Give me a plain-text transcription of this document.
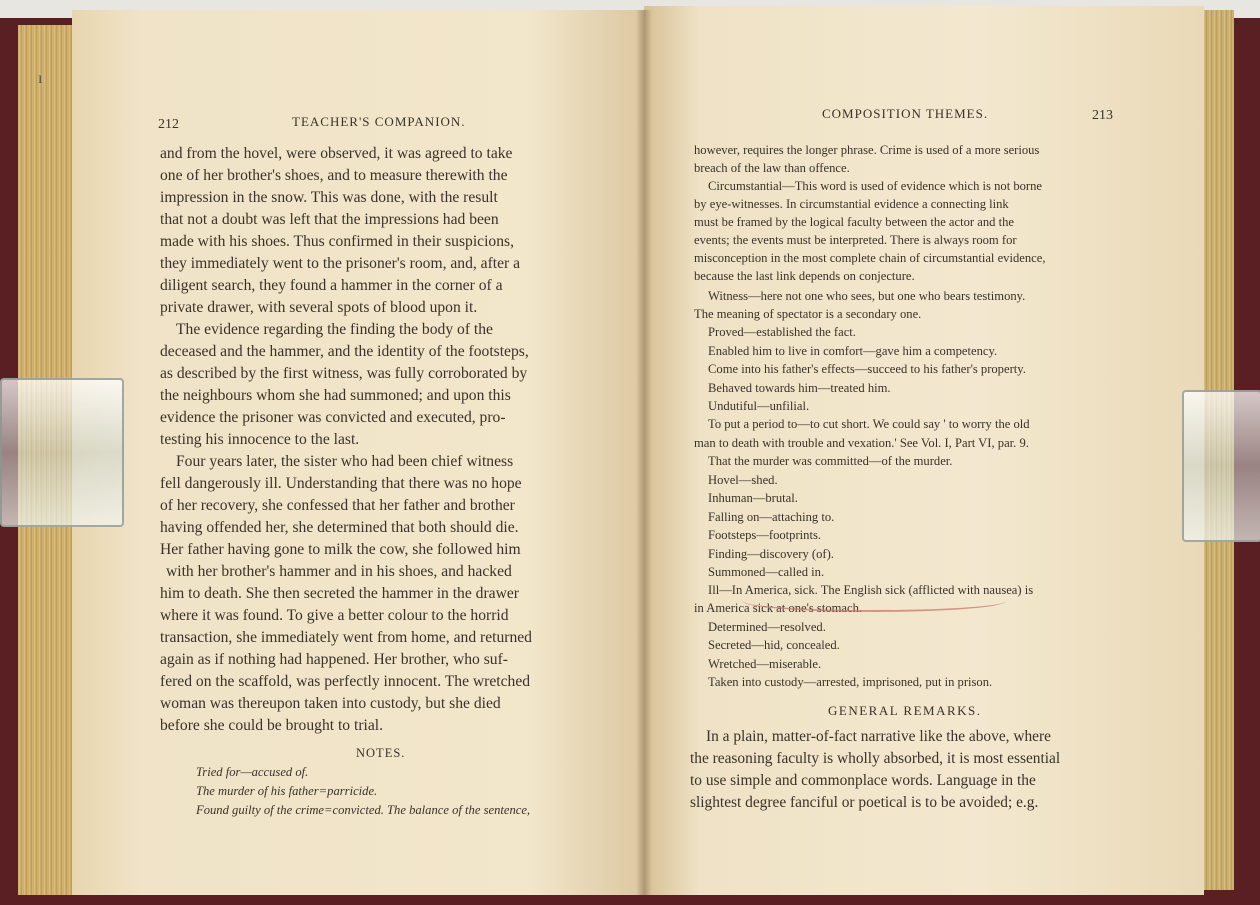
212	TEACHER'S COMPANION.
and from the hovel, were observed, it was agreed to take
one of her brother's shoes, and to measure therewith the
impression in the snow. This was done, with the result
that not a doubt was left that the impressions had been
made with his shoes. Thus confirmed in their suspicions,
they immediately went to the prisoner's room, and, after a
diligent search, they found a hammer in the corner of a
private drawer, with several spots of blood upon it.
The evidence regarding the finding the body of the
deceased and the hammer, and the identity of the footsteps,
as described by the first witness, was fully corroborated by
the neighbours whom she had summoned; and upon this
evidence the prisoner was convicted and executed, pro-
testing his innocence to the last.
Four years later, the sister who had been chief witness
fell dangerously ill. Understanding that there was no hope
of her recovery, she confessed that her father and brother
having offended her, she determined that both should die.
Her father having gone to milk the cow, she followed him
with her brother's hammer and in his shoes, and hacked
him to death. She then secreted the hammer in the drawer
where it was found. To give a better colour to the horrid
transaction, she immediately went from home, and returned
again as if nothing had happened. Her brother, who suf-
fered on the scaffold, was perfectly innocent. The wretched
woman was thereupon taken into custody, but she died
before she could be brought to trial.
NOTES.
Tried for—accused of.
The murder of his father=parricide.
Found guilty of the crime=convicted. The balance of the sentence,
COMPOSITION THEMES.	213
however, requires the longer phrase. Crime is used of a more serious
breach of the law than offence.
Circumstantial—This word is used of evidence which is not borne
by eye-witnesses. In circumstantial evidence a connecting link
must be framed by the logical faculty between the actor and the
events; the events must be interpreted. There is always room for
misconception in the most complete chain of circumstantial evidence,
because the last link depends on conjecture.
Witness—here not one who sees, but one who bears testimony.
The meaning of spectator is a secondary one.
Proved—established the fact.
Enabled him to live in comfort—gave him a competency.
Come into his father's effects—succeed to his father's property.
Behaved towards him—treated him.
Undutiful—unfilial.
To put a period to—to cut short. We could say ' to worry the old
man to death with trouble and vexation.' See Vol. I, Part VI, par. 9.
That the murder was committed—of the murder.
Hovel—shed.
Inhuman—brutal.
Falling on—attaching to.
Footsteps—footprints.
Finding—discovery (of).
Summoned—called in.
Ill—In America, sick. The English sick (afflicted with nausea) is
in America sick at one's stomach.
Determined—resolved.
Secreted—hid, concealed.
Wretched—miserable.
Taken into custody—arrested, imprisoned, put in prison.
GENERAL REMARKS.
In a plain, matter-of-fact narrative like the above, where
the reasoning faculty is wholly absorbed, it is most essential
to use simple and commonplace words. Language in the
slightest degree fanciful or poetical is to be avoided; e.g.
ı
